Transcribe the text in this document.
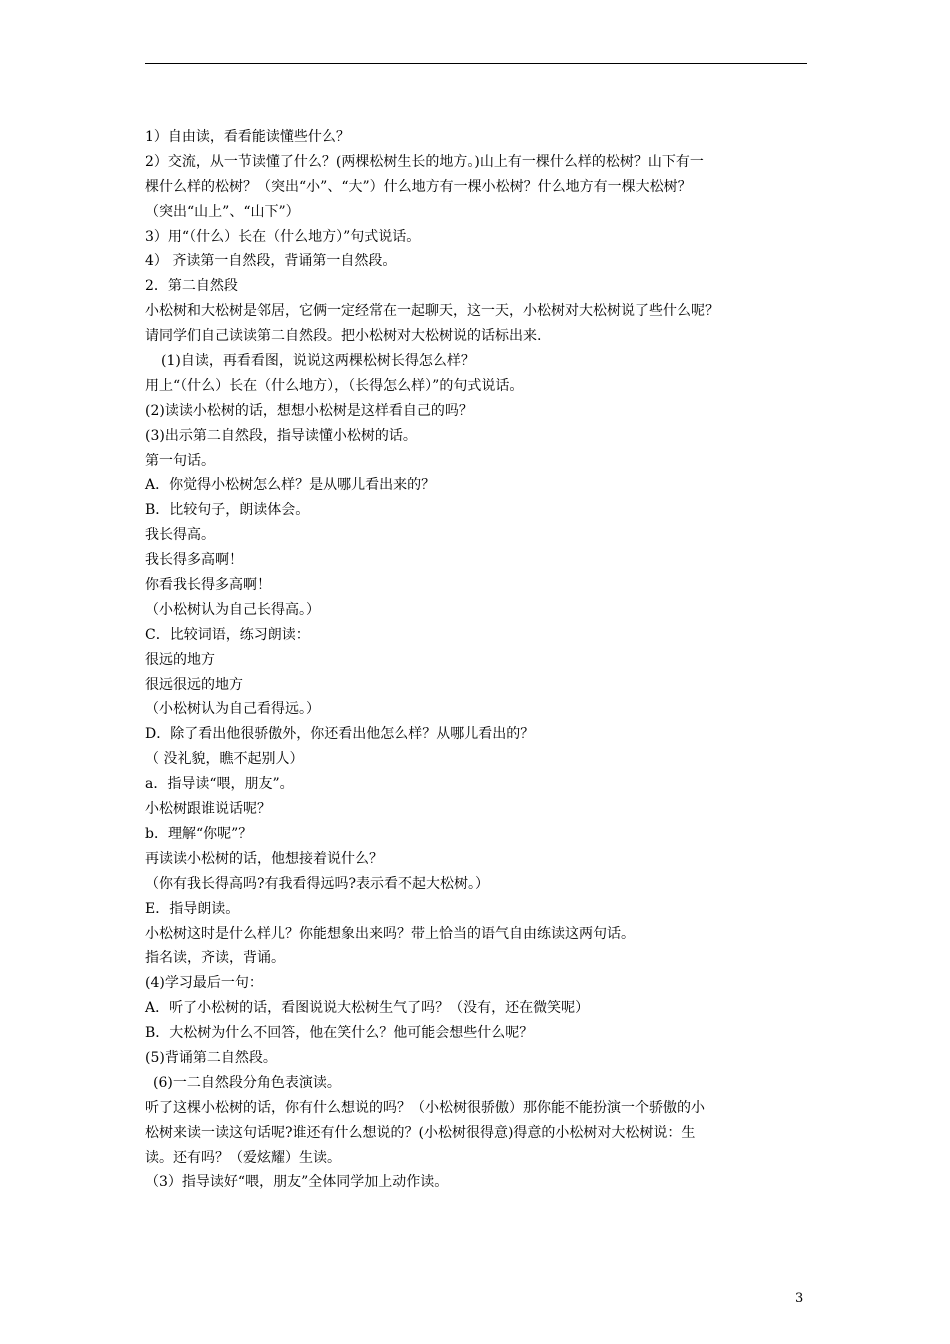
1）自由读，看看能读懂些什么？
2）交流，从一节读懂了什么？(两棵松树生长的地方。)山上有一棵什么样的松树？山下有一
棵什么样的松树？（突出“小”、“大”）什么地方有一棵小松树？什么地方有一棵大松树？
（突出“山上”、“山下”）
3）用“（什么）长在（什么地方）”句式说话。
4） 齐读第一自然段，背诵第一自然段。
2．第二自然段
小松树和大松树是邻居，它俩一定经常在一起聊天，这一天，小松树对大松树说了些什么呢？
请同学们自己读读第二自然段。把小松树对大松树说的话标出来.
(1)自读，再看看图，说说这两棵松树长得怎么样？
用上“（什么）长在（什么地方），（长得怎么样）”的句式说话。
(2)读读小松树的话，想想小松树是这样看自己的吗？
(3)出示第二自然段，指导读懂小松树的话。
第一句话。
A．你觉得小松树怎么样？是从哪儿看出来的？
B．比较句子，朗读体会。
我长得高。
我长得多高啊！
你看我长得多高啊！
（小松树认为自己长得高。）
C．比较词语，练习朗读：
很远的地方
很远很远的地方
（小松树认为自己看得远。）
D．除了看出他很骄傲外，你还看出他怎么样？从哪儿看出的？
（ 没礼貌，瞧不起别人）
a．指导读“喂，朋友”。
小松树跟谁说话呢？
b．理解“你呢”？
再读读小松树的话，他想接着说什么？
（你有我长得高吗?有我看得远吗?表示看不起大松树。）
E．指导朗读。
小松树这时是什么样儿？你能想象出来吗？带上恰当的语气自由练读这两句话。
指名读，齐读，背诵。
(4)学习最后一句：
A．听了小松树的话，看图说说大松树生气了吗？（没有，还在微笑呢）
B．大松树为什么不回答，他在笑什么？他可能会想些什么呢？
(5)背诵第二自然段。
(6)一二自然段分角色表演读。
听了这棵小松树的话，你有什么想说的吗？（小松树很骄傲）那你能不能扮演一个骄傲的小
松树来读一读这句话呢?谁还有什么想说的？(小松树很得意)得意的小松树对大松树说：生
读。还有吗？（爱炫耀）生读。
（3）指导读好“喂，朋友”全体同学加上动作读。
3
